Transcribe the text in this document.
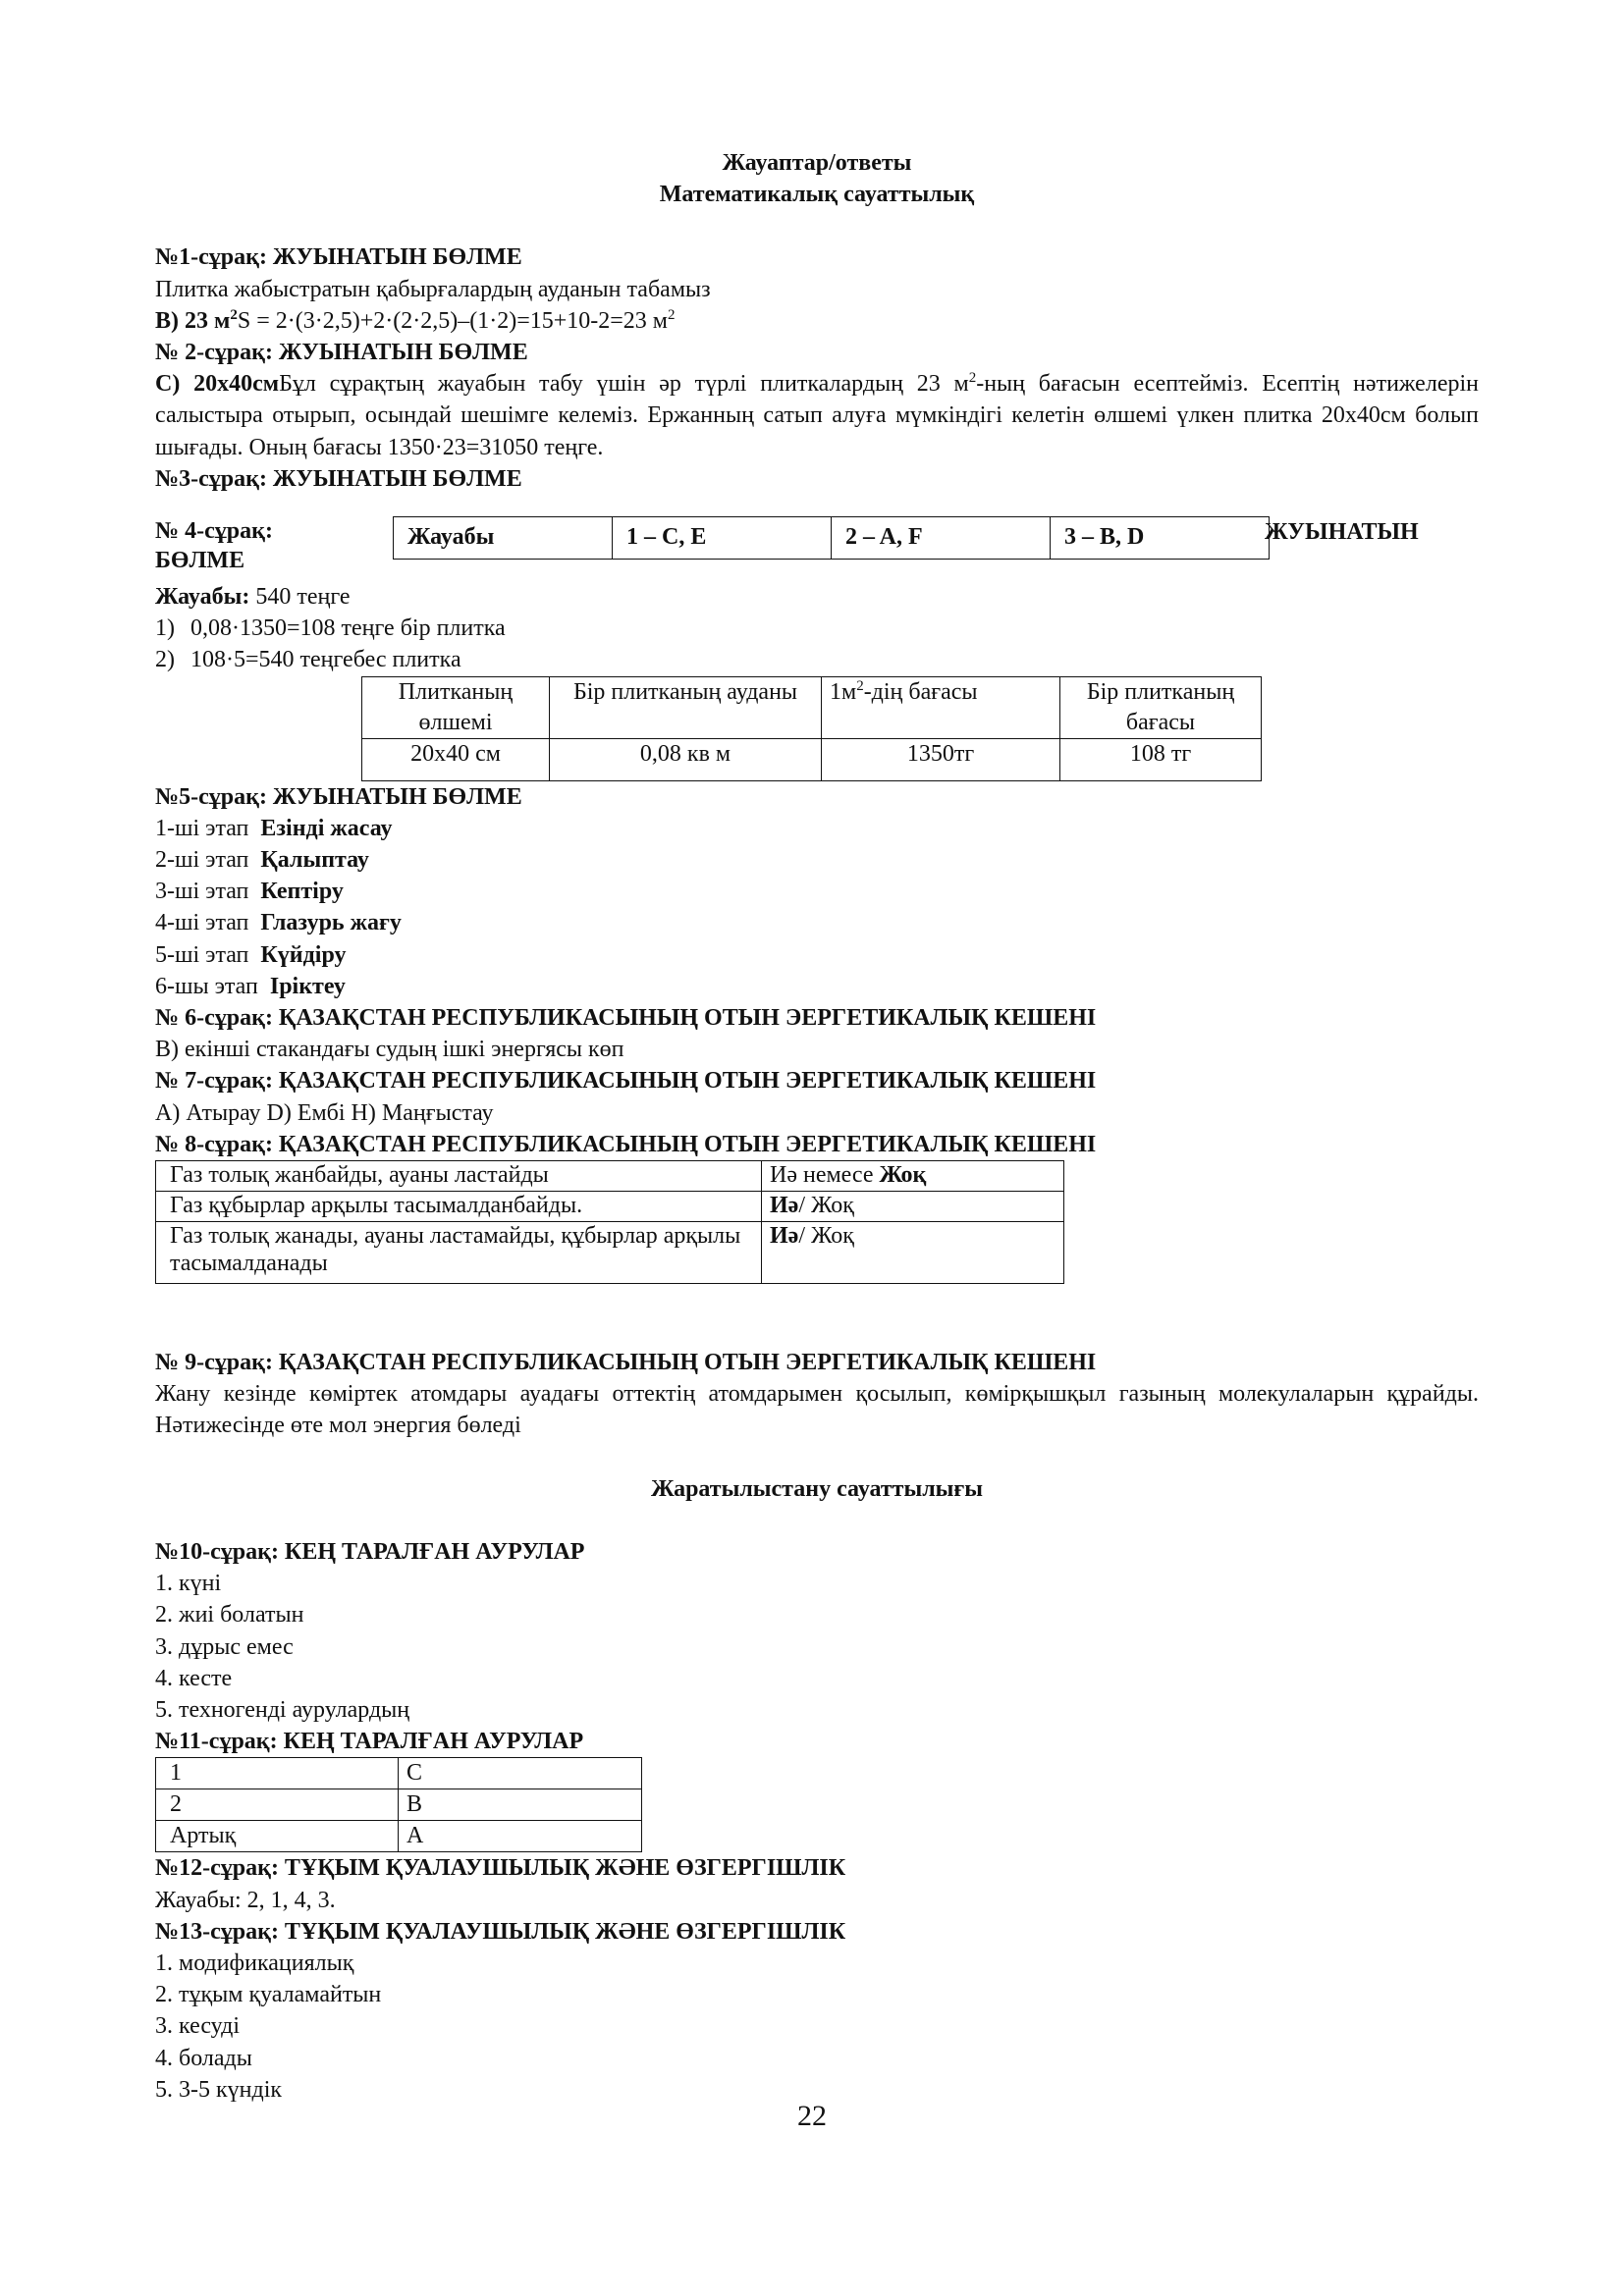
Жауаптар/ответы

Математикалық сауаттылық

№1-сұрақ: ЖУЫНАТЫН БӨЛМЕ

Плитка жабыстратын қабырғалардың ауданын табамыз

В) 23 $м^2S = 2\cdot(3\cdot 2,5)+2\cdot(2\cdot 2,5)-(1\cdot 2)=15+10-2=23$ $м^2$

№ 2-сұрақ: ЖУЫНАТЫН БӨЛМЕ

С) 20х40смБұл сұрақтың жауабын табу үшін әр түрлі плиткалардың 23 $м^2$-ның бағасын есептейміз. Есептің нәтижелерін салыстыра отырып, осындай шешімге келеміз. Ержанның сатып алуға мүмкіндігі келетін өлшемі үлкен плитка 20х40см болып шығады. Оның бағасы 1350·23=31050 теңге.

№3-сұрақ: ЖУЫНАТЫН БӨЛМЕ

№ 4-сұрақ:
БӨЛМЕ
Жауабы	1 – С, E	2 – A, F	3 – B, D	ЖУЫНАТЫН

Жауабы: 540 теңге

1) 0,08·1350=108 теңге бір плитка

2) 108·5=540 теңгебес плитка

Плитканың өлшемі	Бір плитканың ауданы	$1м^2$-дің бағасы	Бір плитканың бағасы
20х40 см	0,08 кв м	1350тг	108 тг

№5-сұрақ: ЖУЫНАТЫН БӨЛМЕ

1-ші этап Езінді жасау

2-ші этап Қалыптау

3-ші этап Кептіру

4-ші этап Глазурь жағу

5-ші этап Күйдіру

6-шы этап Іріктеу

№ 6-сұрақ: ҚАЗАҚСТАН РЕСПУБЛИКАСЫНЫҢ ОТЫН ЭЕРГЕТИКАЛЫҚ КЕШЕНІ

В) екінші стакандағы судың ішкі энергясы көп

№ 7-сұрақ: ҚАЗАҚСТАН РЕСПУБЛИКАСЫНЫҢ ОТЫН ЭЕРГЕТИКАЛЫҚ КЕШЕНІ

А) Атырау D) Ембі Н) Маңғыстау

№ 8-сұрақ: ҚАЗАҚСТАН РЕСПУБЛИКАСЫНЫҢ ОТЫН ЭЕРГЕТИКАЛЫҚ КЕШЕНІ

Газ толық жанбайды, ауаны ластайды	Иә немесе Жоқ
Газ құбырлар арқылы тасымалданбайды.	Иә/ Жоқ
Газ толық жанады, ауаны ластамайды, құбырлар арқылы тасымалданады	Иә/ Жоқ

№ 9-сұрақ: ҚАЗАҚСТАН РЕСПУБЛИКАСЫНЫҢ ОТЫН ЭЕРГЕТИКАЛЫҚ КЕШЕНІ

Жану кезінде көміртек атомдары ауадағы оттектің атомдарымен қосылып, көмірқышқыл газының молекулаларын құрайды. Нәтижесінде өте мол энергия бөледі

Жаратылыстану сауаттылығы

№10-сұрақ: КЕҢ ТАРАЛҒАН АУРУЛАР

1. күні

2. жиі болатын

3. дұрыс емес

4. кесте

5. техногенді аурулардың

№11-сұрақ: КЕҢ ТАРАЛҒАН АУРУЛАР

1	С
2	В
Артық	А

№12-сұрақ: ТҰҚЫМ ҚУАЛАУШЫЛЫҚ ЖӘНЕ ӨЗГЕРГІШЛІК

Жауабы: 2, 1, 4, 3.

№13-сұрақ: ТҰҚЫМ ҚУАЛАУШЫЛЫҚ ЖӘНЕ ӨЗГЕРГІШЛІК

1. модификациялық

2. тұқым қуаламайтын

3. кесуді

4. болады

5. 3-5 күндік

22
